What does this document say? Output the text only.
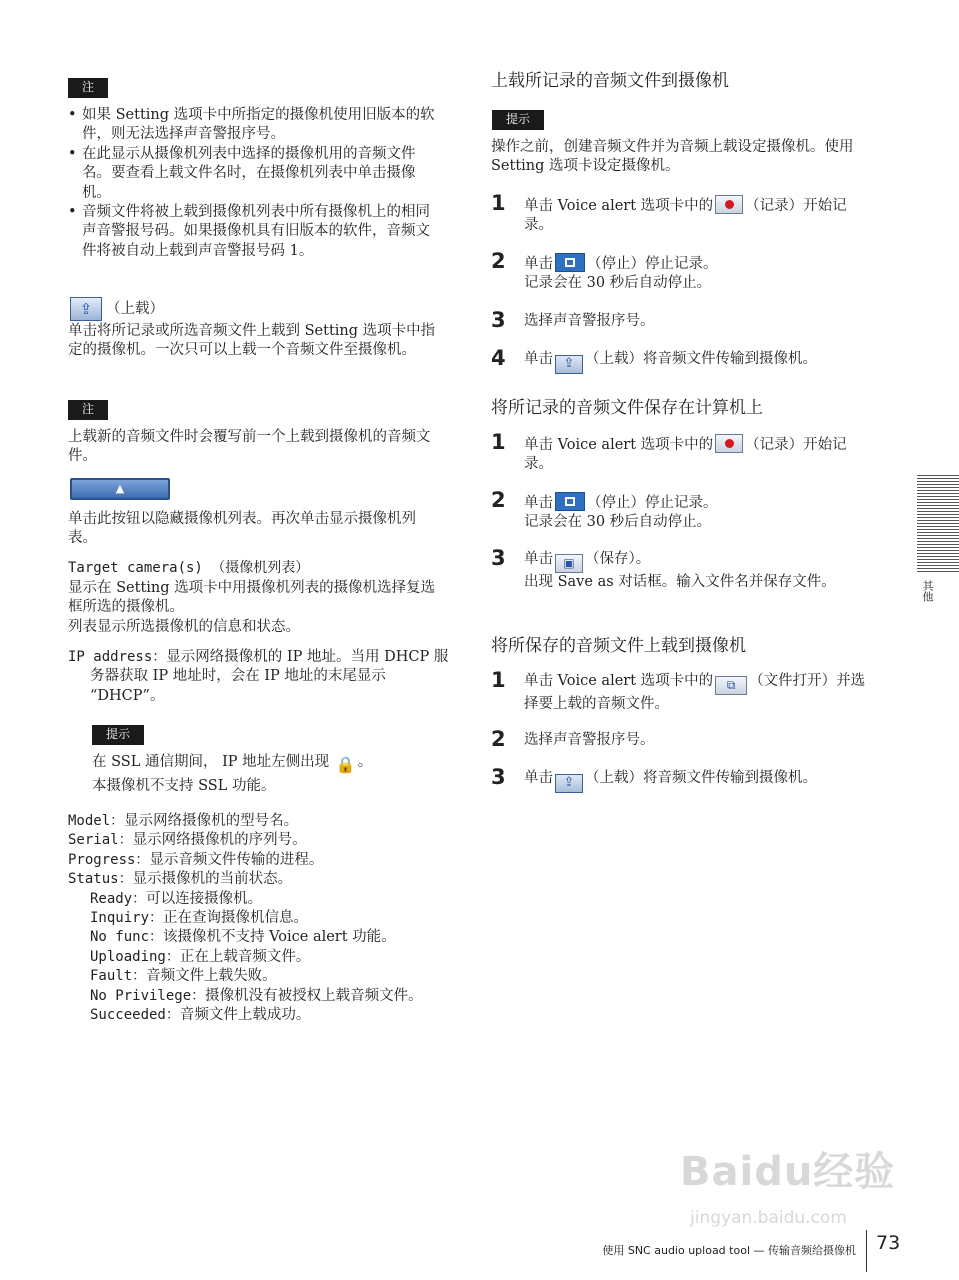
注
• 如果 Setting 选项卡中所指定的摄像机使用旧版本的软件，则无法选择声音警报序号。
• 在此显示从摄像机列表中选择的摄像机用的音频文件名。要查看上载文件名时，在摄像机列表中单击摄像机。
• 音频文件将被上载到摄像机列表中所有摄像机上的相同声音警报号码。如果摄像机具有旧版本的软件，音频文件将被自动上载到声音警报号码 1。
⇪ （上载）

单击将所记录或所选音频文件上载到 Setting 选项卡中指定的摄像机。一次只可以上载一个音频文件至摄像机。

注

上载新的音频文件时会覆写前一个上载到摄像机的音频文件。

▲

单击此按钮以隐藏摄像机列表。再次单击显示摄像机列表。

Target camera(s) （摄像机列表）

显示在 Setting 选项卡中用摄像机列表的摄像机选择复选框所选的摄像机。

列表显示所选摄像机的信息和状态。

IP address：显示网络摄像机的 IP 地址。当用 DHCP 服务器获取 IP 地址时，会在 IP 地址的末尾显示 “DHCP”。

提示

在 SSL 通信期间， IP 地址左侧出现 🔒 。
本摄像机不支持 SSL 功能。

Model：显示网络摄像机的型号名。
Serial：显示网络摄像机的序列号。
Progress：显示音频文件传输的进程。
Status：显示摄像机的当前状态。
Ready：可以连接摄像机。
Inquiry：正在查询摄像机信息。
No func：该摄像机不支持 Voice alert 功能。
Uploading：正在上载音频文件。
Fault：音频文件上载失败。
No Privilege：摄像机没有被授权上载音频文件。
Succeeded：音频文件上载成功。
上载所记录的音频文件到摄像机
提示

操作之前，创建音频文件并为音频上载设定摄像机。使用 Setting 选项卡设定摄像机。

1 单击 Voice alert 选项卡中的 （记录）开始记录。

2 单击 （停止）停止记录。
记录会在 30 秒后自动停止。

3 选择声音警报序号。

4 单击 ⇪ （上载）将音频文件传输到摄像机。

将所记录的音频文件保存在计算机上
1 单击 Voice alert 选项卡中的 （记录）开始记录。

2 单击 （停止）停止记录。
记录会在 30 秒后自动停止。

3 单击 ▣ （保存）。
出现 Save as 对话框。输入文件名并保存文件。

将所保存的音频文件上载到摄像机
1 单击 Voice alert 选项卡中的 ⧉ （文件打开）并选择要上载的音频文件。

2 选择声音警报序号。

3 单击 ⇪ （上载）将音频文件传输到摄像机。

其他
Baidu经验
jingyan.baidu.com
使用 SNC audio upload tool — 传输音频给摄像机 73
